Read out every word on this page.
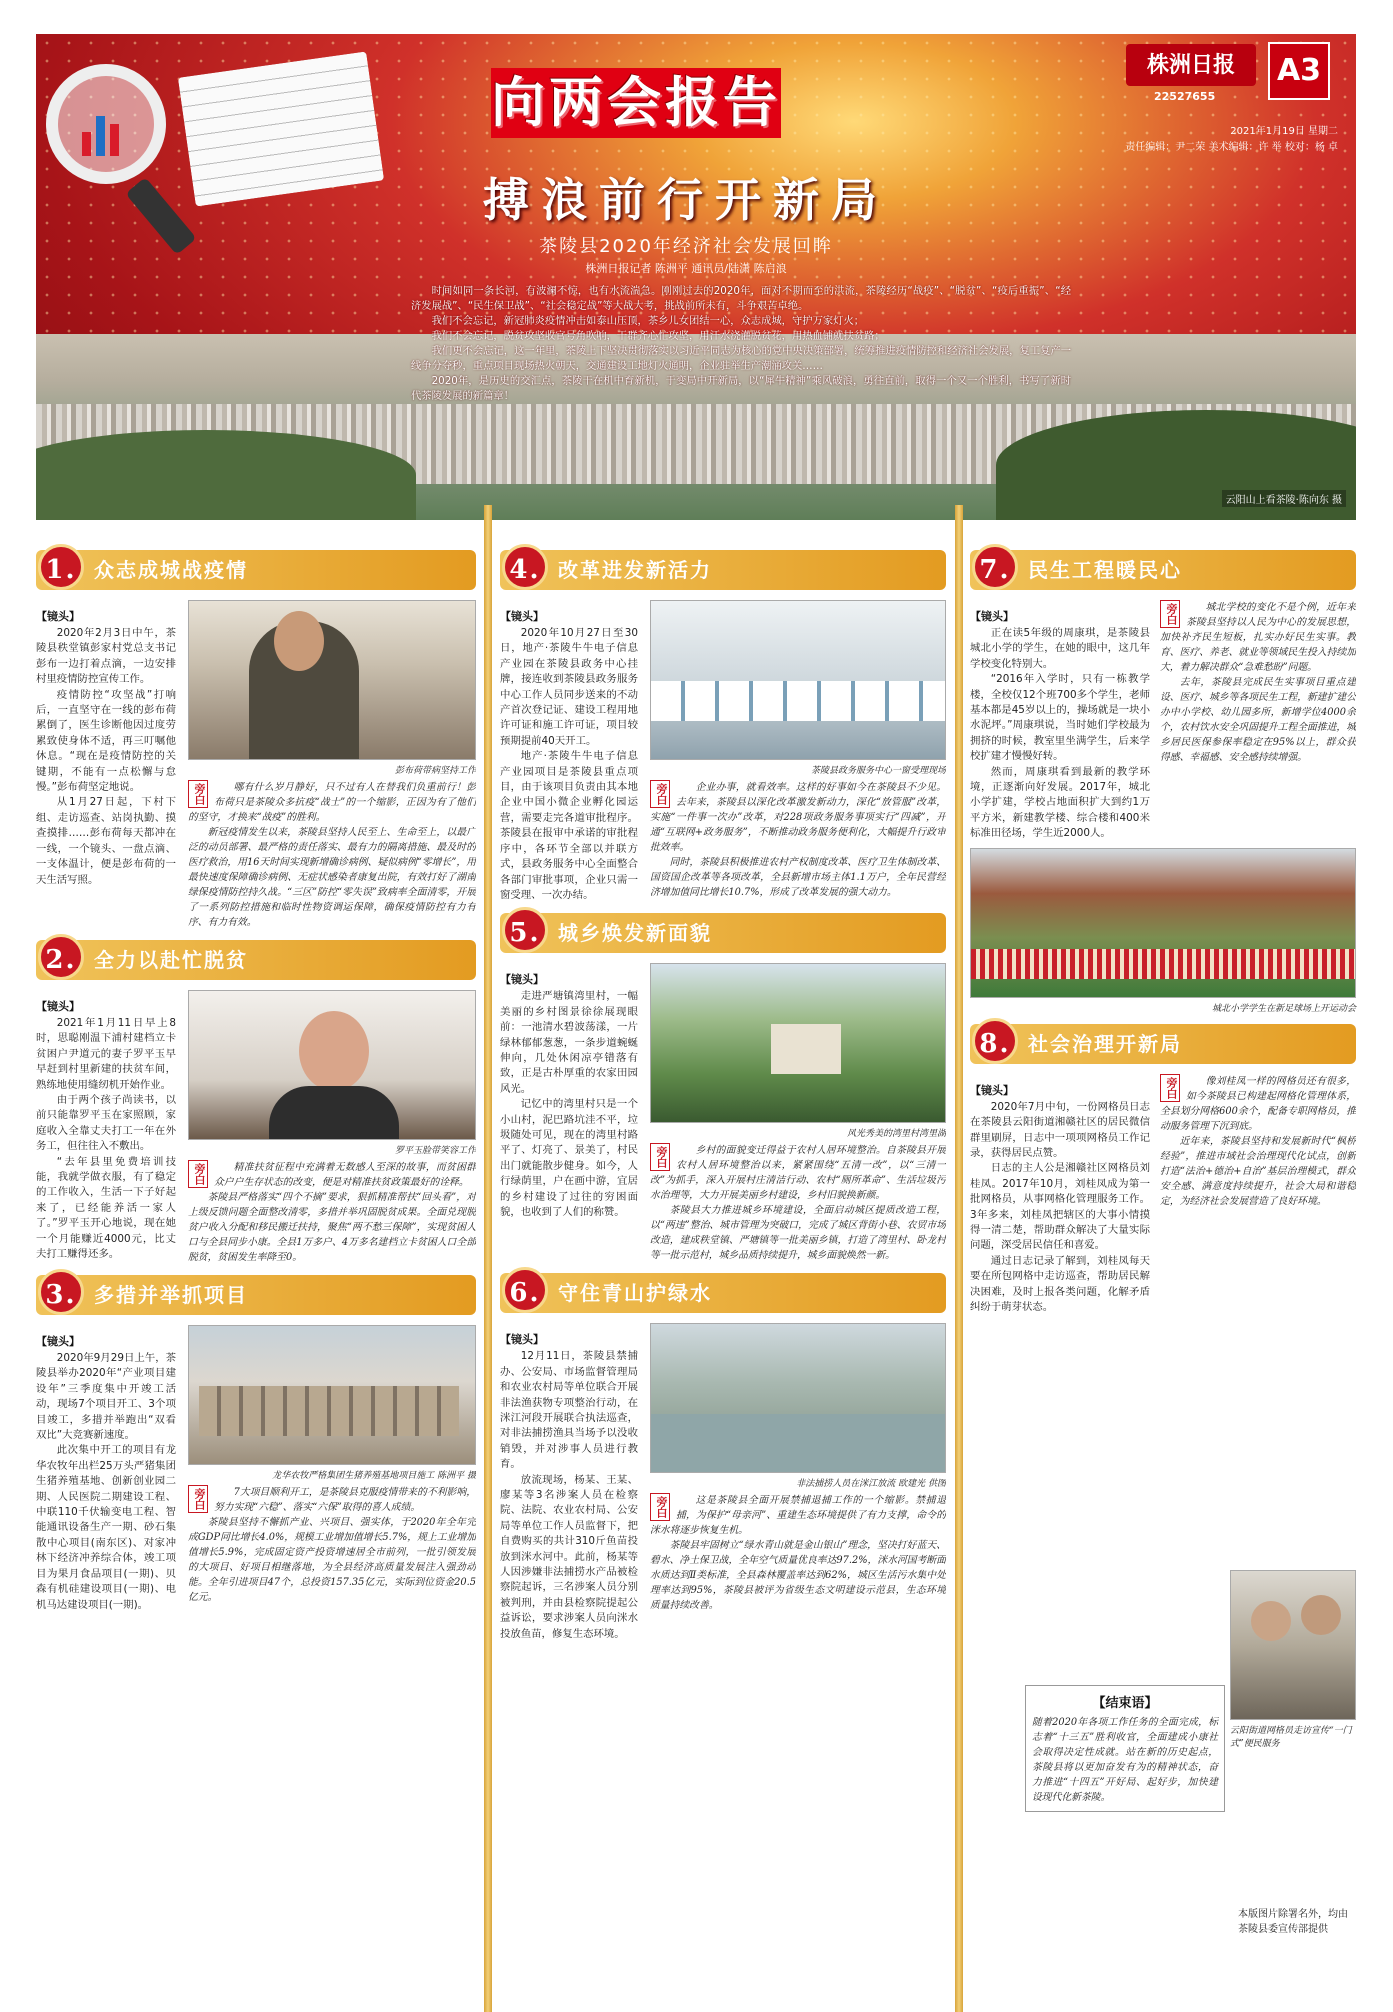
向两会报告
株洲日报
22527655
A3
2021年1月19日 星期二
责任编辑：尹二荣 美术编辑：许 举 校对：杨 卓
搏浪前行开新局
茶陵县2020年经济社会发展回眸
株洲日报记者 陈洲平 通讯员/陆潇 陈启浪

时间如同一条长河，有波澜不惊，也有水流湍急。刚刚过去的2020年，面对不期而至的洪流，茶陵经历“战疫”、“脱贫”、“疫后重振”、“经济发展战”、“民生保卫战”、“社会稳定战”等大战大考，挑战前所未有，斗争艰苦卓绝。

我们不会忘记，新冠肺炎疫情冲击如泰山压顶，茶乡儿女团结一心，众志成城，守护万家灯火；

我们不会忘记，脱贫攻坚收官号角吹响，干群齐心忙攻坚，用汗水浇灌脱贫花，用热血铺就扶贫路；

我们更不会忘记，这一年里，茶陵上下坚决贯彻落实以习近平同志为核心的党中央决策部署，统筹推进疫情防控和经济社会发展，复工复产一线争分夺秒，重点项目现场热火朝天，交通建设工地灯火通明，企业驻举生产潮涌攻关……

2020年，是历史的交汇点，茶陵干在机中育新机，于变局中开新局，以“犀牛精神”乘风破浪，勇往直前，取得一个又一个胜利，书写了新时代茶陵发展的新篇章！

云阳山上看茶陵·陈向东 摄
1. 众志成城战疫情
【镜头】

2020年2月3日中午，茶陵县秩堂镇彭家村党总支书记彭布一边打着点滴，一边安排村里疫情防控宣传工作。

疫情防控“攻坚战”打响后，一直坚守在一线的彭布荷累倒了，医生诊断他因过度劳累致使身体不适，再三叮嘱他休息。“现在是疫情防控的关键期，不能有一点松懈与怠慢。”彭布荷坚定地说。

从1月27日起，下村下组、走访巡查、站岗执勤、摸查摸排……彭布荷每天都冲在一线，一个镜头、一盘点滴、一支体温计，便是彭布荷的一天生活写照。

彭布荷带病坚持工作
旁白	哪有什么岁月静好，只不过有人在替我们负重前行！彭布荷只是茶陵众多抗疫“战士”的一个缩影，正因为有了他们的坚守，才换来“战疫”的胜利。

新冠疫情发生以来，茶陵县坚持人民至上、生命至上，以最广泛的动员部署、最严格的责任落实、最有力的隔离措施、最及时的医疗救治，用16天时间实现新增确诊病例、疑似病例“零增长”，用最快速度保障确诊病例、无症状感染者康复出院，有效打好了湖南绿保疫情防控持久战。“三区”防控“零失误”致病率全面清零，开展了一系列防控措施和临时性物资调运保障，确保疫情防控有力有序、有力有效。

2. 全力以赴忙脱贫
【镜头】

2021年1月11日早上8时，思聪刚温下浦村建档立卡贫困户尹道元的妻子罗平玉早早赶到村里新建的扶贫车间，熟练地使用缝纫机开始作业。

由于两个孩子尚读书，以前只能靠罗平玉在家照顾，家庭收入全靠丈夫打工一年在外务工，但往往入不敷出。

“去年县里免费培训技能，我就学做衣服，有了稳定的工作收入，生活一下子好起来了，已经能养活一家人了。”罗平玉开心地说，现在她一个月能赚近4000元，比丈夫打工赚得还多。

罗平玉脸带笑容工作
旁白	精准扶贫征程中充满着无数感人至深的故事，而贫困群众户户生存状态的改变，便是对精准扶贫政策最好的诠释。

茶陵县严格落实“四个不摘”要求，狠抓精准帮扶“回头看”，对上级反馈问题全面整改清零，多措并举巩固脱贫成果。全面兑现脱贫户收入分配和移民搬迁扶持，聚焦“两不愁三保障”，实现贫困人口与全县同步小康。全县1万多户、4万多名建档立卡贫困人口全部脱贫，贫困发生率降至0。

3. 多措并举抓项目
【镜头】

2020年9月29日上午，茶陵县举办2020年“产业项目建设年”三季度集中开竣工活动，现场7个项目开工、3个项目竣工，多措并举跑出“双看双比”大竞赛新速度。

此次集中开工的项目有龙华农牧年出栏25万头严猪集团生猪养殖基地、创新创业园二期、人民医院二期建设工程、中联110千伏输变电工程、智能通讯设备生产一期、砂石集散中心项目(南东区)、对家冲林下经济冲养综合体，竣工项目为果月食品项目(一期)、贝森有机硅建设项目(一期)、电机马达建设项目(一期)。

龙华农牧严格集团生猪养殖基地项目施工 陈洲平 摄
旁白	7大项目顺利开工，是茶陵县克服疫情带来的不利影响，努力实现“六稳”、落实“六保”取得的喜人成绩。

茶陵县坚持不懈抓产业、兴项目、强实体，于2020年全年完成GDP同比增长4.0%，规模工业增加值增长5.7%，规上工业增加值增长5.9%，完成固定资产投资增速居全市前列，一批引领发展的大项目、好项目相继落地，为全县经济高质量发展注入强劲动能。全年引进项目47个，总投资157.35亿元，实际到位资金20.5亿元。

4. 改革进发新活力
【镜头】

2020年10月27日至30日，地产·茶陵牛牛电子信息产业园在茶陵县政务中心挂牌，接连收到茶陵县政务服务中心工作人员同步送来的不动产首次登记证、建设工程用地许可证和施工许可证，项目较预期提前40天开工。

地产·茶陵牛牛电子信息产业园项目是茶陵县重点项目，由于该项目负责由其本地企业中国小微企业孵化园运营，需要走完各道审批程序。茶陵县在报审中承诺的审批程序中，各环节全部以并联方式，县政务服务中心全面整合各部门审批事项，企业只需一窗受理、一次办结。

茶陵县政务服务中心一窗受理现场
旁白	企业办事，就看效率。这样的好事如今在茶陵县不少见。去年来，茶陵县以深化改革激发新动力，深化“放管服”改革，实施“一件事一次办”改革，对228项政务服务事项实行“四减”，开通“互联网+政务服务”，不断推动政务服务便利化，大幅提升行政审批效率。

同时，茶陵县积极推进农村产权制度改革、医疗卫生体制改革、国资国企改革等各项改革，全县新增市场主体1.1万户，全年民营经济增加值同比增长10.7%，形成了改革发展的强大动力。

5. 城乡焕发新面貌
【镜头】

走进严塘镇湾里村，一幅美丽的乡村图景徐徐展现眼前：一池清水碧波荡漾，一片绿林郁郁葱葱，一条步道蜿蜒伸向，几处休闲凉亭错落有致，正是古朴厚重的农家田园风光。

记忆中的湾里村只是一个小山村，泥巴路坑洼不平，垃圾随处可见，现在的湾里村路平了、灯亮了、景美了，村民出门就能散步健身。如今，人行绿荫里，户在画中游，宜居的乡村建设了过往的穷困面貌，也收到了人们的称赞。

风光秀美的湾里村湾里湖
旁白	乡村的面貌变迁得益于农村人居环境整治。自茶陵县开展农村人居环境整治以来，紧紧围绕“五清一改”，以“三清一改”为抓手，深入开展村庄清洁行动、农村“厕所革命”、生活垃圾污水治理等，大力开展美丽乡村建设，乡村旧貌换新颜。

茶陵县大力推进城乡环境建设，全面启动城区提质改造工程，以“两违”整治、城市管理为突破口，完成了城区背街小巷、农贸市场改造，建成秩堂镇、严塘镇等一批美丽乡镇，打造了湾里村、卧龙村等一批示范村，城乡品质持续提升，城乡面貌焕然一新。

6. 守住青山护绿水
【镜头】

12月11日，茶陵县禁捕办、公安局、市场监督管理局和农业农村局等单位联合开展非法渔获物专项整治行动，在洣江河段开展联合执法巡查，对非法捕捞渔具当场予以没收销毁，并对涉事人员进行教育。

放流现场，杨某、王某、廖某等3名涉案人员在检察院、法院、农业农村局、公安局等单位工作人员监督下，把自费购买的共计310斤鱼苗投放到洣水河中。此前，杨某等人因涉嫌非法捕捞水产品被检察院起诉，三名涉案人员分别被判刑，并由县检察院提起公益诉讼，要求涉案人员向洣水投放鱼苗，修复生态环境。

非法捕捞人员在洣江放流 欧建光 供图
旁白	这是茶陵县全面开展禁捕退捕工作的一个缩影。禁捕退捕，为保护“母亲河”、重建生态环境提供了有力支撑，命令的洣水将逐步恢复生机。

茶陵县牢固树立“绿水青山就是金山银山”理念，坚决打好蓝天、碧水、净土保卫战，全年空气质量优良率达97.2%，洣水河国考断面水质达到Ⅱ类标准，全县森林覆盖率达到62%，城区生活污水集中处理率达到95%，茶陵县被评为省级生态文明建设示范县，生态环境质量持续改善。

7. 民生工程暖民心
【镜头】

正在读5年级的周康琪，是茶陵县城北小学的学生，在她的眼中，这几年学校变化特别大。

“2016年入学时，只有一栋教学楼，全校仅12个班700多个学生，老师基本都是45岁以上的，操场就是一块小水泥坪。”周康琪说，当时她们学校最为拥挤的时候，教室里坐满学生，后来学校扩建才慢慢好转。

然而，周康琪看到最新的教学环境，正逐渐向好发展。2017年，城北小学扩建，学校占地面积扩大到约1万平方米，新建教学楼、综合楼和400米标准田径场，学生近2000人。

旁白	城北学校的变化不是个例，近年来茶陵县坚持以人民为中心的发展思想，加快补齐民生短板，扎实办好民生实事。教育、医疗、养老、就业等领域民生投入持续加大，着力解决群众“急难愁盼”问题。

去年，茶陵县完成民生实事项目重点建设、医疗、城乡等各项民生工程，新建扩建公办中小学校、幼儿园多所，新增学位4000余个，农村饮水安全巩固提升工程全面推进，城乡居民医保参保率稳定在95%以上，群众获得感、幸福感、安全感持续增强。

城北小学学生在新足球场上开运动会
8. 社会治理开新局
【镜头】

2020年7月中旬，一份网格员日志在茶陵县云阳街道湘赣社区的居民微信群里刷屏，日志中一项项网格员工作记录，获得居民点赞。

日志的主人公是湘赣社区网格员刘桂凤。2017年10月，刘桂凤成为第一批网格员，从事网格化管理服务工作。3年多来，刘桂凤把辖区的大事小情摸得一清二楚，帮助群众解决了大量实际问题，深受居民信任和喜爱。

通过日志记录了解到，刘桂凤每天要在所包网格中走访巡查，帮助居民解决困难，及时上报各类问题，化解矛盾纠纷于萌芽状态。

旁白	像刘桂凤一样的网格员还有很多，如今茶陵县已构建起网格化管理体系，全县划分网格600余个，配备专职网格员，推动服务管理下沉到底。

近年来，茶陵县坚持和发展新时代“枫桥经验”，推进市域社会治理现代化试点，创新打造“法治+德治+自治”基层治理模式，群众安全感、满意度持续提升，社会大局和谐稳定，为经济社会发展营造了良好环境。

云阳街道网格员走访宣传“一门式”便民服务
【结束语】
随着2020年各项工作任务的全面完成，标志着“十三五”胜利收官，全面建成小康社会取得决定性成就。站在新的历史起点，茶陵县将以更加奋发有为的精神状态，奋力推进“十四五”开好局、起好步，加快建设现代化新茶陵。
本版图片除署名外，均由茶陵县委宣传部提供
